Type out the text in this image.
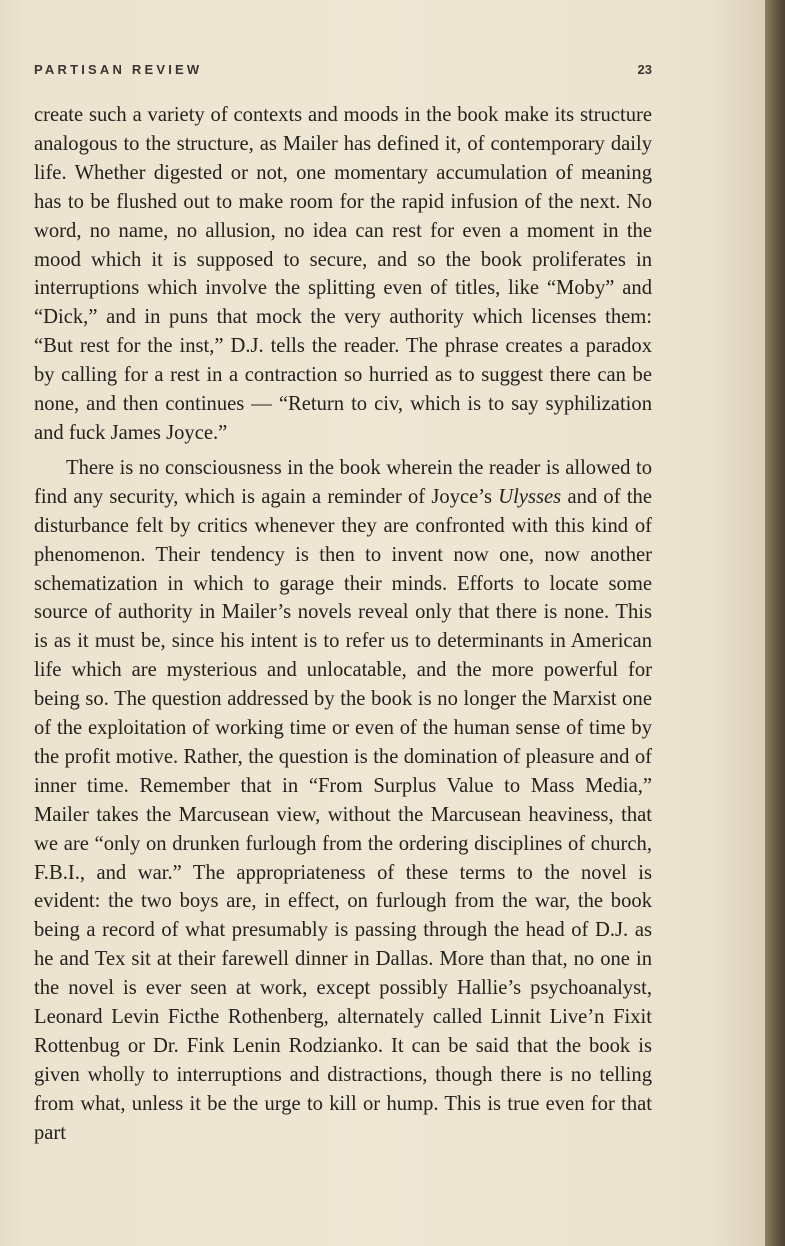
PARTISAN REVIEW	23

create such a variety of contexts and moods in the book make its structure analogous to the structure, as Mailer has defined it, of contemporary daily life. Whether digested or not, one momentary accumulation of meaning has to be flushed out to make room for the rapid infusion of the next. No word, no name, no allusion, no idea can rest for even a moment in the mood which it is supposed to secure, and so the book proliferates in interruptions which involve the splitting even of titles, like “Moby” and “Dick,” and in puns that mock the very authority which licenses them: “But rest for the inst,” D.J. tells the reader. The phrase creates a paradox by calling for a rest in a contraction so hurried as to suggest there can be none, and then continues — “Return to civ, which is to say syphilization and fuck James Joyce.”

There is no consciousness in the book wherein the reader is allowed to find any security, which is again a reminder of Joyce’s Ulysses and of the disturbance felt by critics whenever they are confronted with this kind of phenomenon. Their tendency is then to invent now one, now another schematization in which to garage their minds. Efforts to locate some source of authority in Mailer’s novels reveal only that there is none. This is as it must be, since his intent is to refer us to determinants in American life which are mysterious and unlocatable, and the more powerful for being so. The question addressed by the book is no longer the Marxist one of the exploitation of working time or even of the human sense of time by the profit motive. Rather, the question is the domination of pleasure and of inner time. Remember that in “From Surplus Value to Mass Media,” Mailer takes the Marcusean view, without the Marcusean heaviness, that we are “only on drunken furlough from the ordering disciplines of church, F.B.I., and war.” The appropriateness of these terms to the novel is evident: the two boys are, in effect, on furlough from the war, the book being a record of what presumably is passing through the head of D.J. as he and Tex sit at their farewell dinner in Dallas. More than that, no one in the novel is ever seen at work, except possibly Hallie’s psychoanalyst, Leonard Levin Ficthe Rothenberg, alternately called Linnit Live’n Fixit Rottenbug or Dr. Fink Lenin Rodzianko. It can be said that the book is given wholly to interruptions and distractions, though there is no telling from what, unless it be the urge to kill or hump. This is true even for that part
